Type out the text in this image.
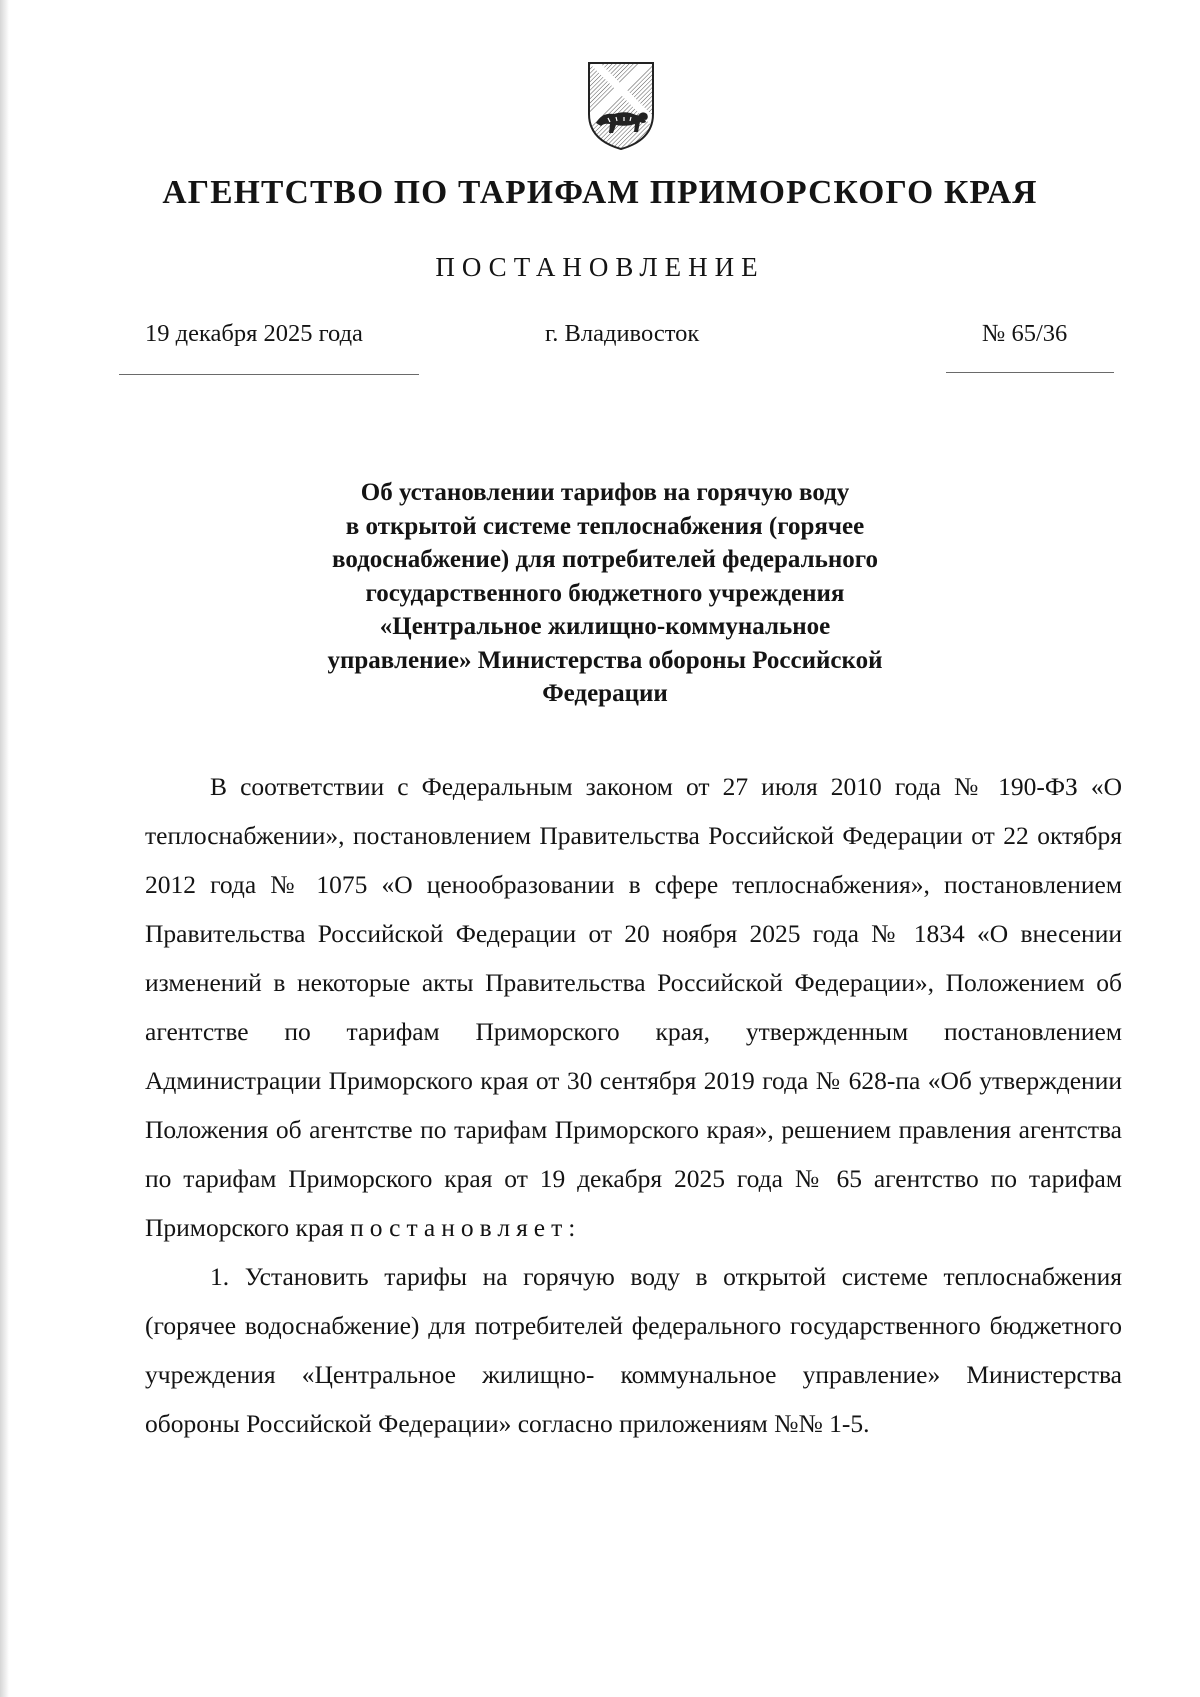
АГЕНТСТВО ПО ТАРИФАМ ПРИМОРСКОГО КРАЯ
ПОСТАНОВЛЕНИЕ
19 декабря 2025 года	г. Владивосток	№ 65/36
Об установлении тарифов на горячую воду
в открытой системе теплоснабжения (горячее
водоснабжение) для потребителей федерального
государственного бюджетного учреждения
«Центральное жилищно-коммунальное
управление» Министерства обороны Российской
Федерации

В соответствии с Федеральным законом от 27 июля 2010 года № 190-ФЗ «О теплоснабжении», постановлением Правительства Российской Федерации от 22 октября 2012 года № 1075 «О ценообразовании в сфере теплоснабжения», постановлением Правительства Российской Федерации от 20 ноября 2025 года № 1834 «О внесении изменений в некоторые акты Правительства Российской Федерации», Положением об агентстве по тарифам Приморского края, утвержденным постановлением Администрации Приморского края от 30 сентября 2019 года № 628-па «Об утверждении Положения об агентстве по тарифам Приморского края», решением правления агентства по тарифам Приморского края от 19 декабря 2025 года № 65 агентство по тарифам Приморского края постановляет:

1. Установить тарифы на горячую воду в открытой системе теплоснабжения (горячее водоснабжение) для потребителей федерального государственного бюджетного учреждения «Центральное жилищно- коммунальное управление» Министерства обороны Российской Федерации» согласно приложениям №№ 1-5.
